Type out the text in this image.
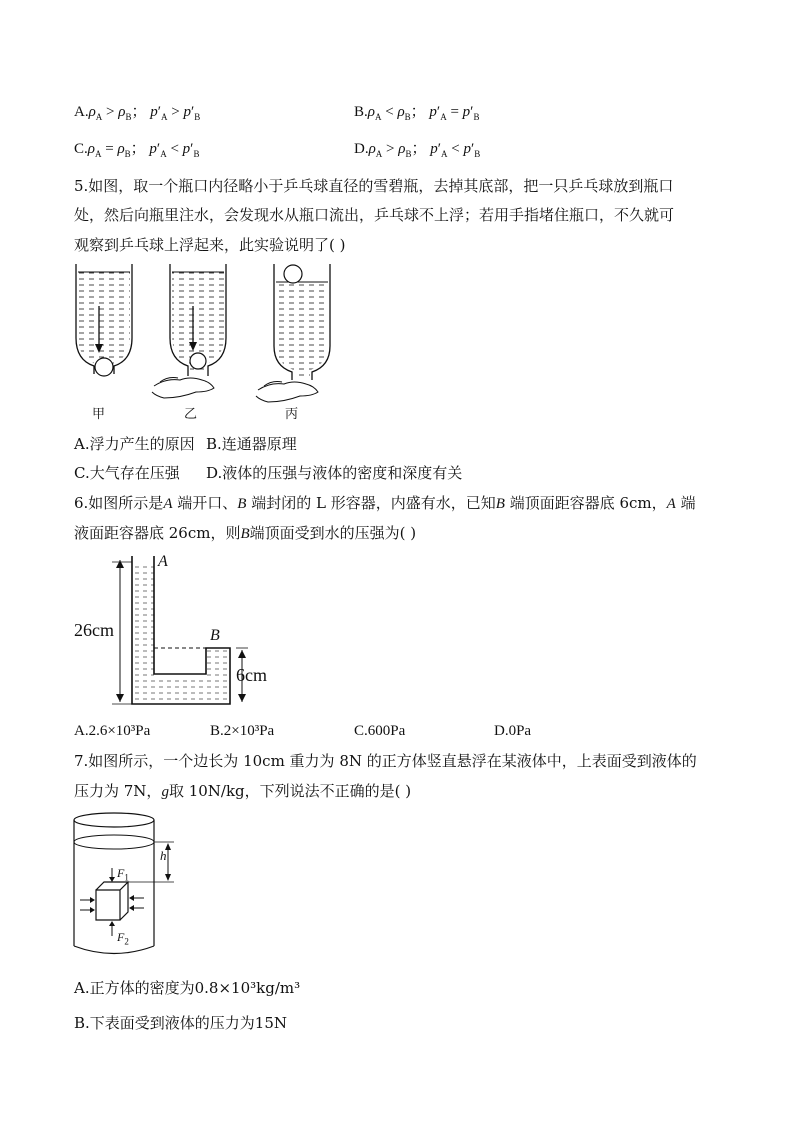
$A.\rho_A > \rho_B$； $p'_A > p'_B$	$B.\rho_A < \rho_B$； $p'_A = p'_B$
$C.\rho_A = \rho_B$； $p'_A < p'_B$	$D.\rho_A > \rho_B$； $p'_A < p'_B$
5.如图，取一个瓶口内径略小于乒乓球直径的雪碧瓶，去掉其底部，把一只乒乓球放到瓶口
处，然后向瓶里注水，会发现水从瓶口流出，乒乓球不上浮；若用手指堵住瓶口，不久就可
观察到乒乓球上浮起来，此实验说明了( )
甲	乙	丙
A.浮力产生的原因 B.连通器原理
C.大气存在压强 D.液体的压强与液体的密度和深度有关
6.如图所示是A 端开口、B 端封闭的 L 形容器，内盛有水，已知B 端顶面距容器底 6cm，A 端
液面距容器底 26cm，则B端顶面受到水的压强为( )
A
B
26cm
6cm
A.2.6×10³Pa	B.2×10³Pa	C.600Pa	D.0Pa
7.如图所示，一个边长为 10cm 重力为 8N 的正方体竖直悬浮在某液体中，上表面受到液体的
压力为 7N，g取 10N/kg，下列说法不正确的是( )
h
$F_1$
$F_2$
A.正方体的密度为0.8×10³kg/m³
B.下表面受到液体的压力为15N
